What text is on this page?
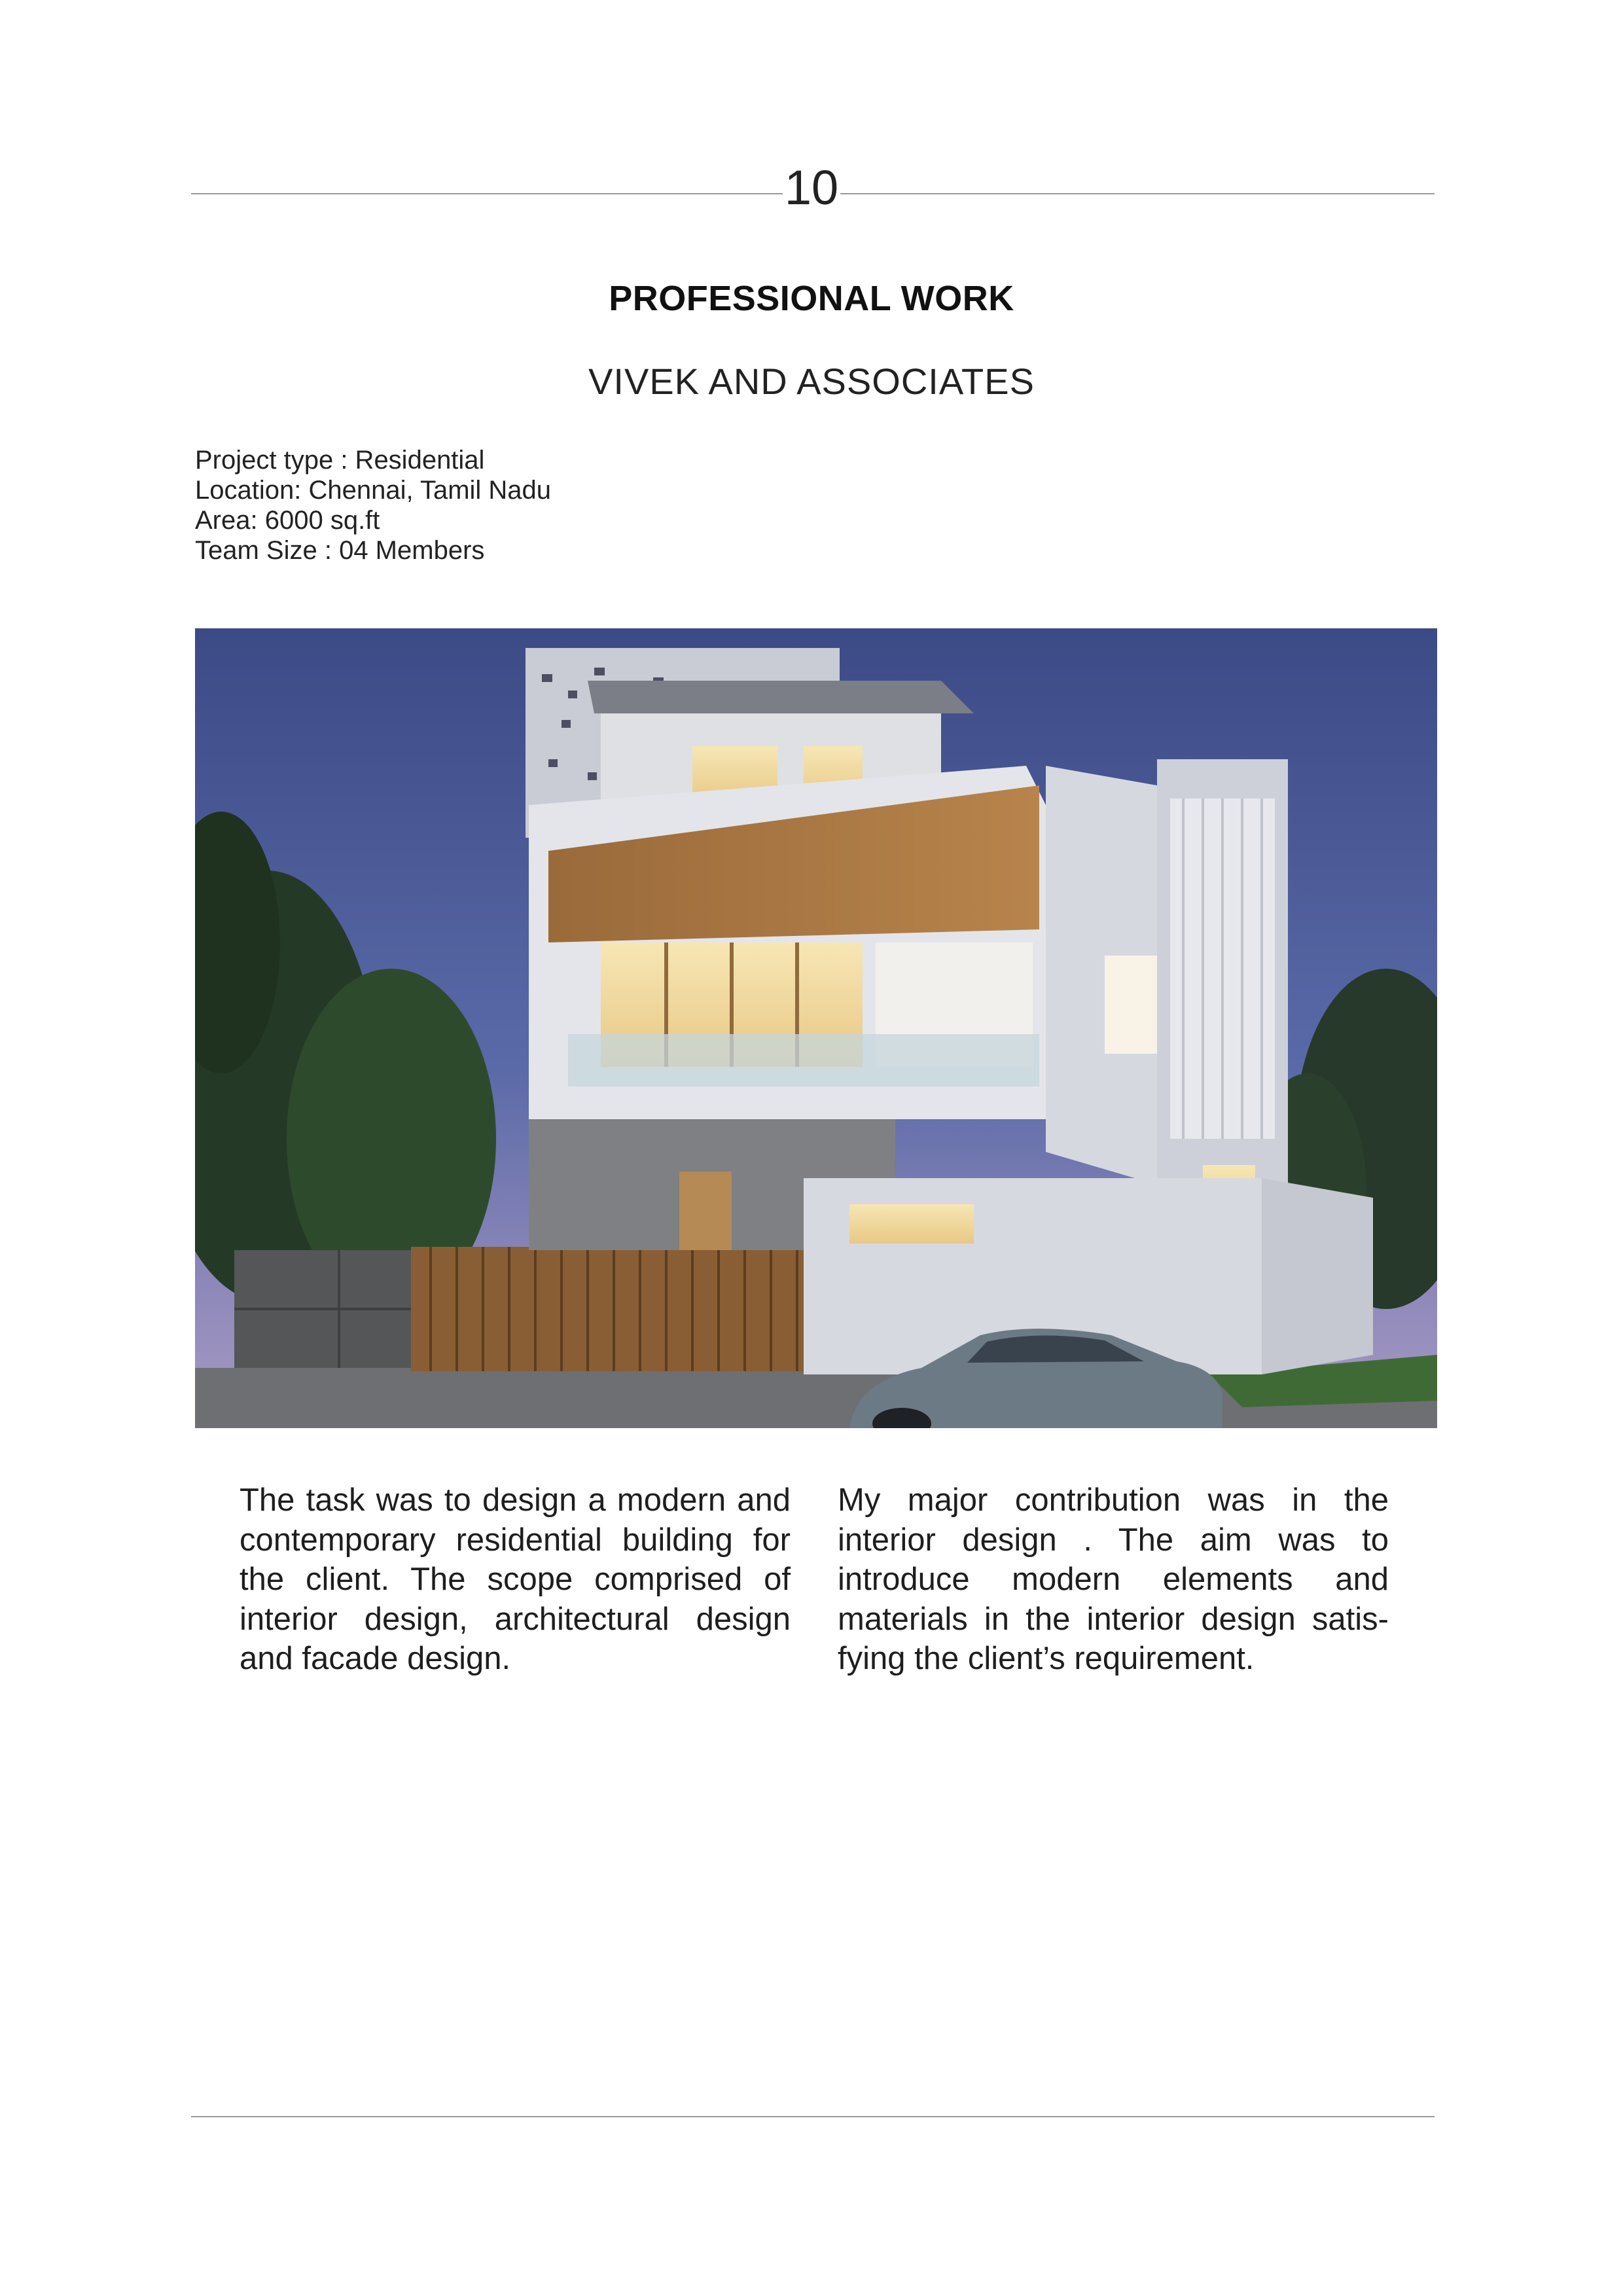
10
PROFESSIONAL WORK
VIVEK AND ASSOCIATES
Project type : Residential
Location: Chennai, Tamil Nadu
Area: 6000 sq.ft
Team Size : 04 Members
The task was to design a modern and contemporary residential building for the client. The scope comprised of interior design, architectural design and facade design.
My major contribution was in the interior design . The aim was to introduce modern elements and materials in the interior design satis-fying the client’s requirement.
